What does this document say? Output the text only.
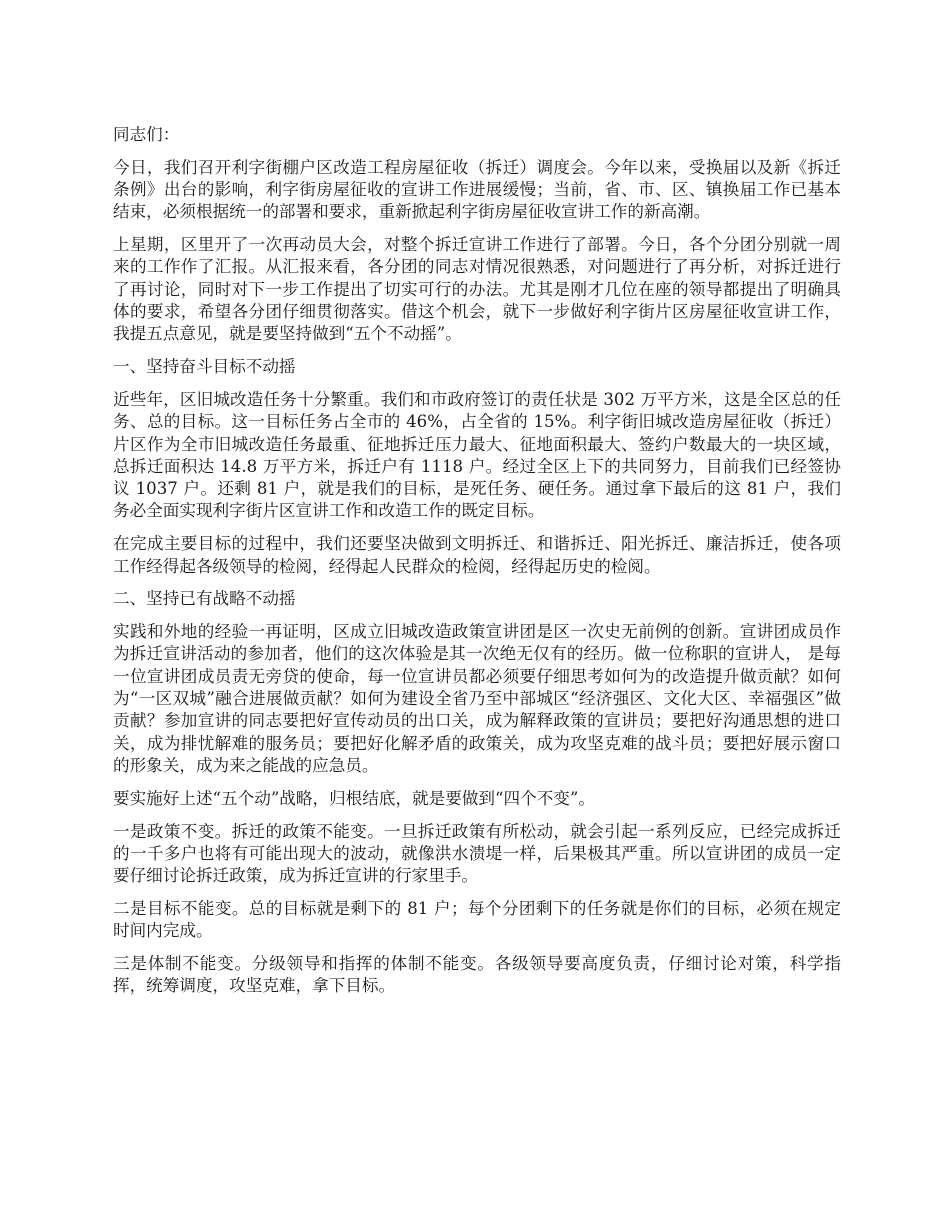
同志们：

今日，我们召开利字街棚户区改造工程房屋征收（拆迁）调度会。今年以来，受换届以及新《拆迁条例》出台的影响，利字街房屋征收的宣讲工作进展缓慢；当前，省、市、区、镇换届工作已基本结束，必须根据统一的部署和要求，重新掀起利字街房屋征收宣讲工作的新高潮。

上星期，区里开了一次再动员大会，对整个拆迁宣讲工作进行了部署。今日，各个分团分别就一周来的工作作了汇报。从汇报来看，各分团的同志对情况很熟悉，对问题进行了再分析，对拆迁进行了再讨论，同时对下一步工作提出了切实可行的办法。尤其是刚才几位在座的领导都提出了明确具体的要求，希望各分团仔细贯彻落实。借这个机会，就下一步做好利字街片区房屋征收宣讲工作，我提五点意见，就是要坚持做到“五个不动摇”。

一、坚持奋斗目标不动摇

近些年，区旧城改造任务十分繁重。我们和市政府签订的责任状是 302 万平方米，这是全区总的任务、总的目标。这一目标任务占全市的 46%，占全省的 15%。利字街旧城改造房屋征收（拆迁）片区作为全市旧城改造任务最重、征地拆迁压力最大、征地面积最大、签约户数最大的一块区域，总拆迁面积达 14.8 万平方米，拆迁户有 1118 户。经过全区上下的共同努力，目前我们已经签协议 1037 户。还剩 81 户，就是我们的目标，是死任务、硬任务。通过拿下最后的这 81 户，我们务必全面实现利字街片区宣讲工作和改造工作的既定目标。

在完成主要目标的过程中，我们还要坚决做到文明拆迁、和谐拆迁、阳光拆迁、廉洁拆迁，使各项工作经得起各级领导的检阅，经得起人民群众的检阅，经得起历史的检阅。

二、坚持已有战略不动摇

实践和外地的经验一再证明，区成立旧城改造政策宣讲团是区一次史无前例的创新。宣讲团成员作为拆迁宣讲活动的参加者，他们的这次体验是其一次绝无仅有的经历。做一位称职的宣讲人， 是每一位宣讲团成员责无旁贷的使命，每一位宣讲员都必须要仔细思考如何为的改造提升做贡献？如何为“一区双城”融合进展做贡献？如何为建设全省乃至中部城区“经济强区、文化大区、幸福强区”做贡献？参加宣讲的同志要把好宣传动员的出口关，成为解释政策的宣讲员；要把好沟通思想的进口关，成为排忧解难的服务员；要把好化解矛盾的政策关，成为攻坚克难的战斗员；要把好展示窗口的形象关，成为来之能战的应急员。

要实施好上述“五个动”战略，归根结底，就是要做到“四个不变”。

一是政策不变。拆迁的政策不能变。一旦拆迁政策有所松动，就会引起一系列反应，已经完成拆迁的一千多户也将有可能出现大的波动，就像洪水溃堤一样，后果极其严重。所以宣讲团的成员一定要仔细讨论拆迁政策，成为拆迁宣讲的行家里手。

二是目标不能变。总的目标就是剩下的 81 户；每个分团剩下的任务就是你们的目标，必须在规定时间内完成。

三是体制不能变。分级领导和指挥的体制不能变。各级领导要高度负责，仔细讨论对策，科学指挥，统筹调度，攻坚克难，拿下目标。
